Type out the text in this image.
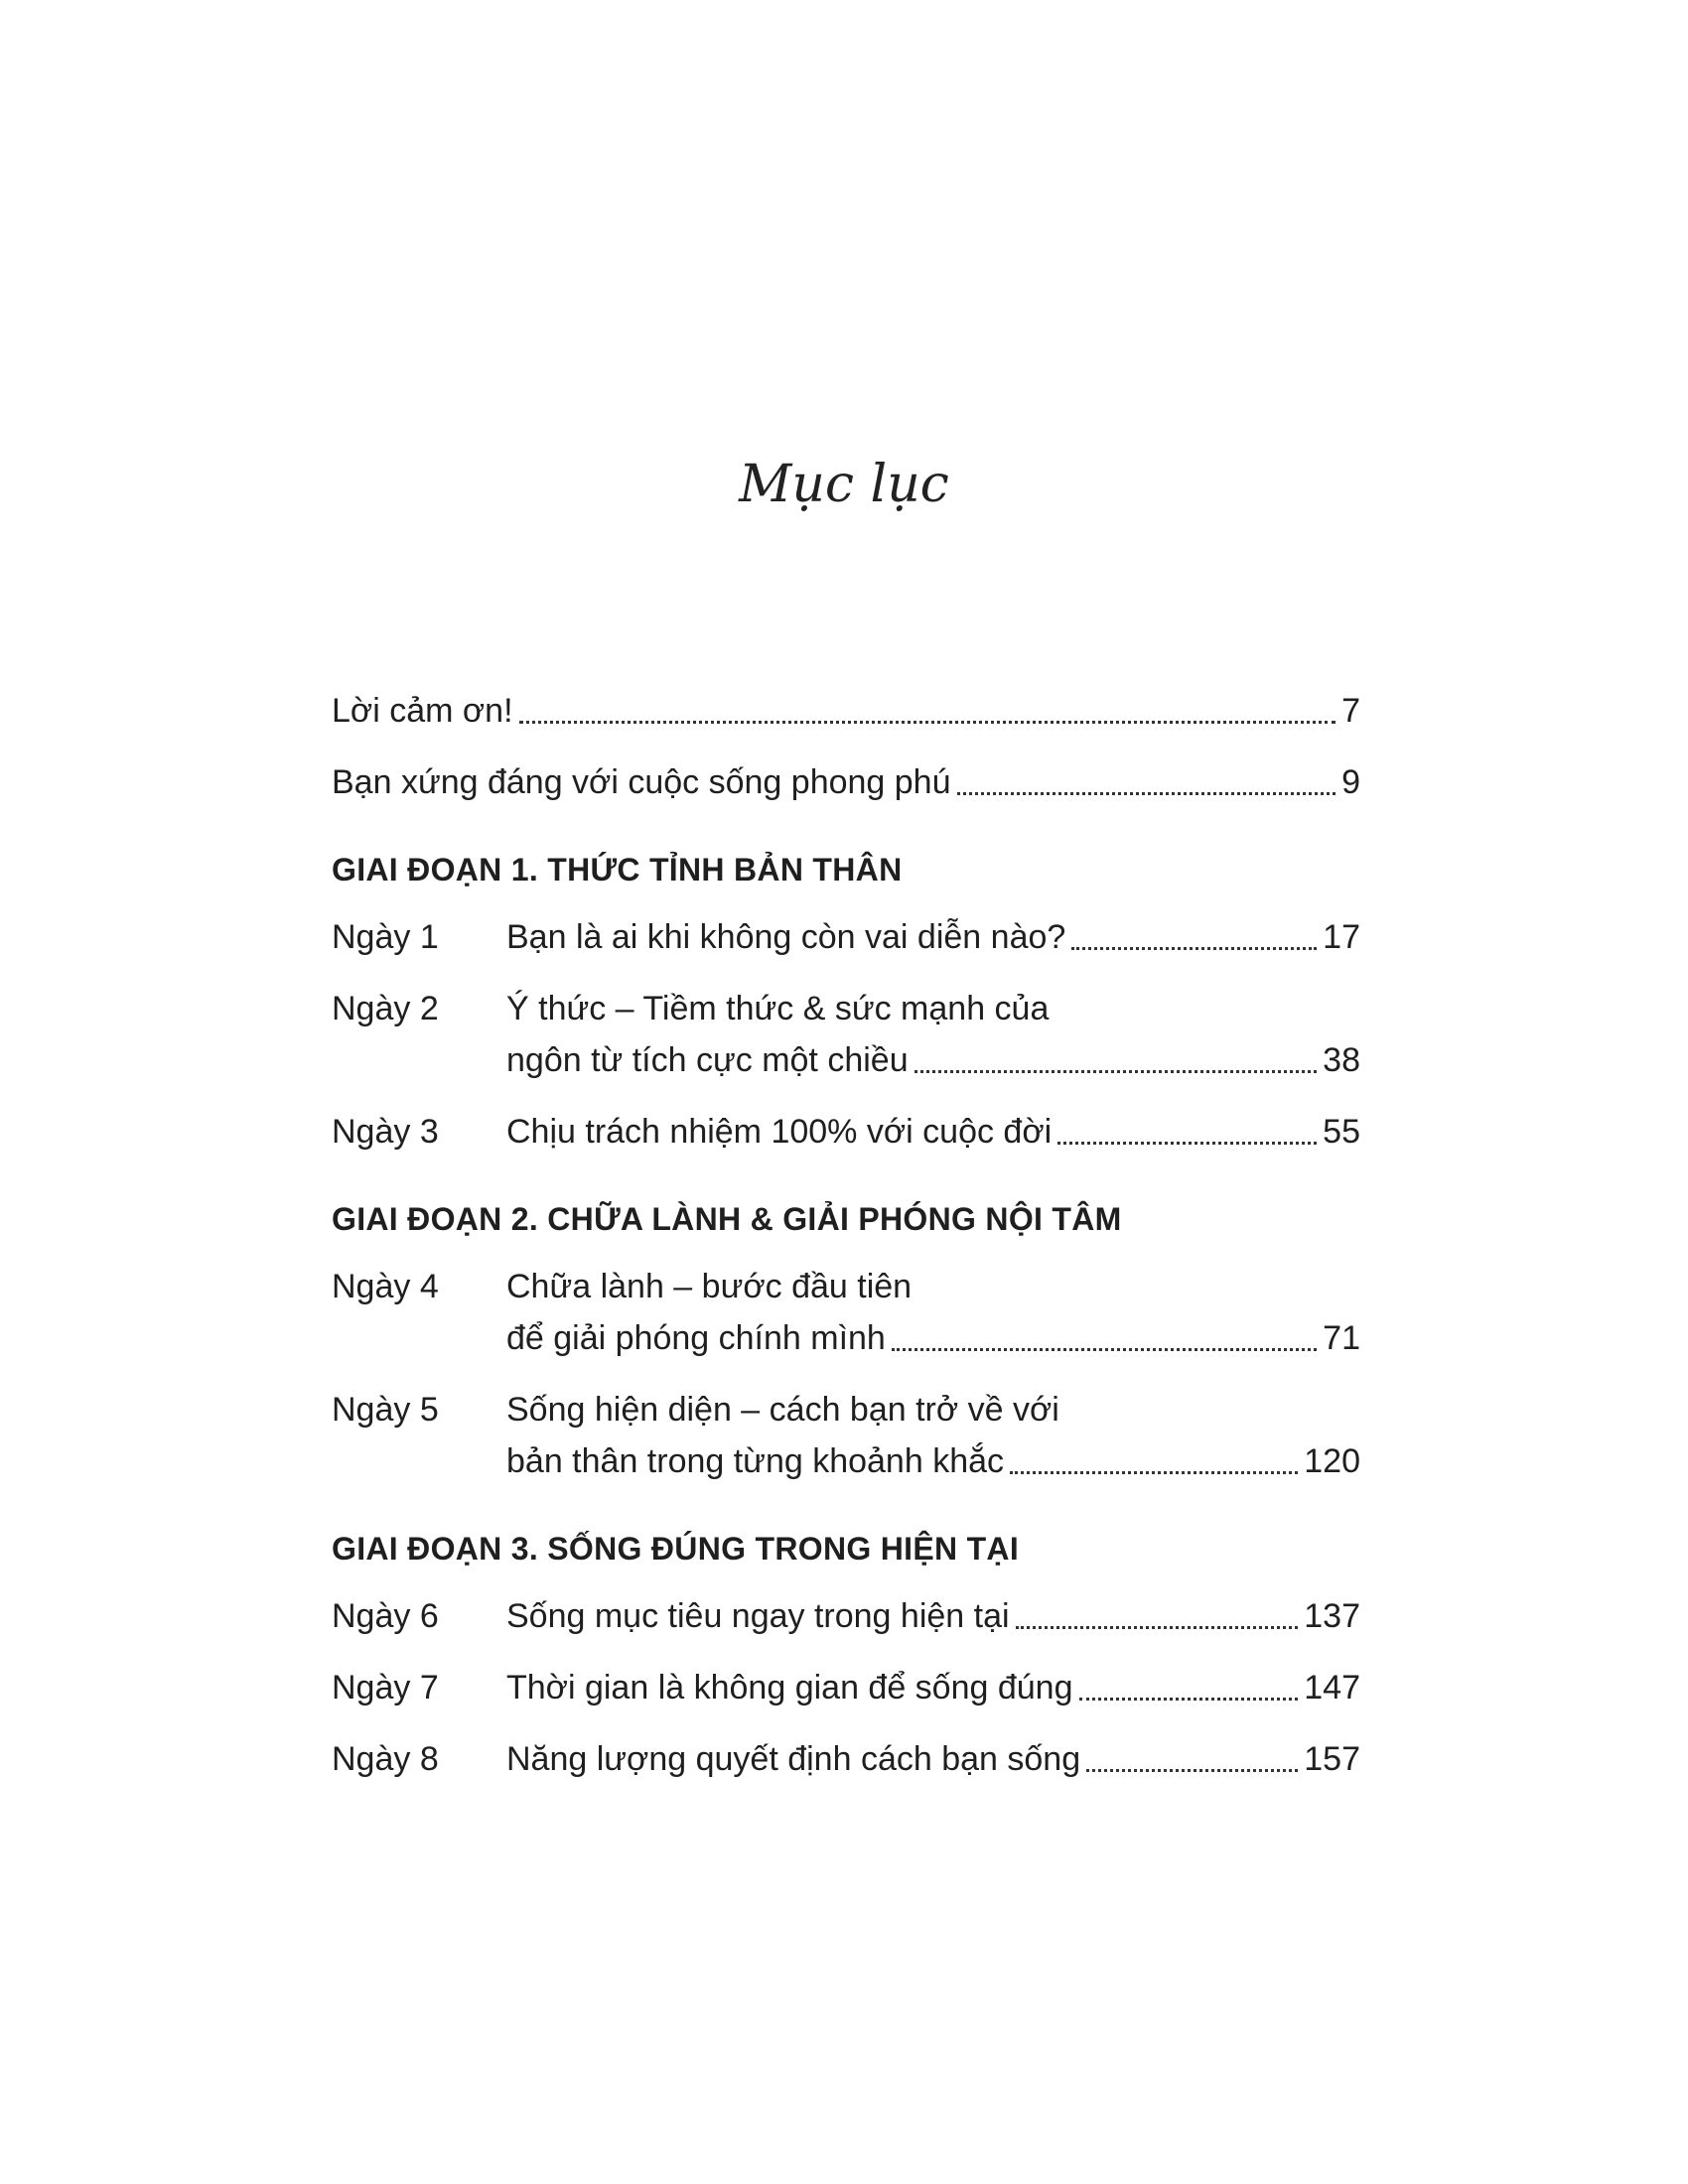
Mục lục
Lời cảm ơn!	7
Bạn xứng đáng với cuộc sống phong phú	9
GIAI ĐOẠN 1. THỨC TỈNH BẢN THÂN
Ngày 1	Bạn là ai khi không còn vai diễn nào?	17
Ngày 2	Ý thức – Tiềm thức & sức mạnh của
ngôn từ tích cực một chiều	38
Ngày 3	Chịu trách nhiệm 100% với cuộc đời	55
GIAI ĐOẠN 2. CHỮA LÀNH & GIẢI PHÓNG NỘI TÂM
Ngày 4	Chữa lành – bước đầu tiên
để giải phóng chính mình	71
Ngày 5	Sống hiện diện – cách bạn trở về với
bản thân trong từng khoảnh khắc	120
GIAI ĐOẠN 3. SỐNG ĐÚNG TRONG HIỆN TẠI
Ngày 6	Sống mục tiêu ngay trong hiện tại	137
Ngày 7	Thời gian là không gian để sống đúng	147
Ngày 8	Năng lượng quyết định cách bạn sống	157
